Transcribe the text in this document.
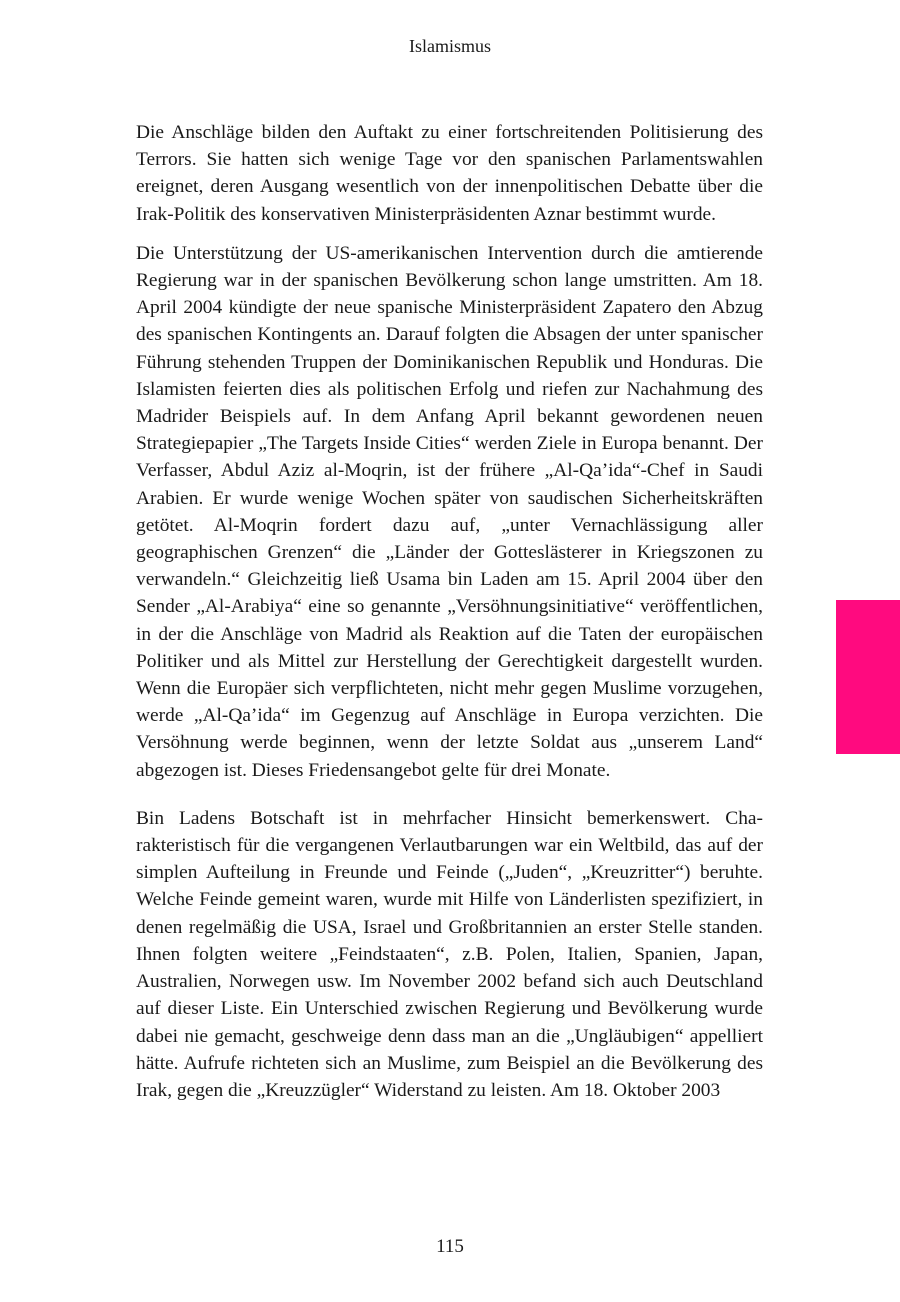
Islamismus

Die Anschläge bilden den Auftakt zu einer fortschreitenden Politisierung des Terrors. Sie hatten sich wenige Tage vor den spanischen Parlamentswahlen ereignet, deren Ausgang wesentlich von der innenpolitischen Debatte über die Irak-Politik des konservativen Ministerpräsidenten Aznar bestimmt wurde.

Die Unterstützung der US-amerikanischen Intervention durch die amtierende Regierung war in der spanischen Bevölkerung schon lange umstritten. Am 18. April 2004 kündigte der neue spanische Ministerpräsident Zapatero den Abzug des spanischen Kontingents an. Darauf folgten die Absagen der unter spanischer Führung stehenden Truppen der Dominikanischen Republik und Honduras. Die Islamisten feierten dies als politischen Erfolg und riefen zur Nachahmung des Madrider Beispiels auf. In dem Anfang April bekannt gewordenen neuen Strategiepapier „The Targets Inside Cities“ werden Ziele in Europa benannt. Der Verfasser, Abdul Aziz al-Moqrin, ist der frühere „Al-Qa’ida“-Chef in Saudi Arabien. Er wurde wenige Wochen später von saudischen Sicherheitskräften getötet. Al-Moqrin fordert dazu auf, „unter Vernachlässigung aller geographischen Grenzen“ die „Länder der Gotteslästerer in Kriegszonen zu verwandeln.“ Gleichzeitig ließ Usama bin Laden am 15. April 2004 über den Sender „Al-Arabiya“ eine so genannte „Versöhnungsinitiative“ veröffentlichen, in der die Anschläge von Madrid als Reaktion auf die Taten der europäischen Politiker und als Mittel zur Herstellung der Gerechtigkeit dargestellt wurden. Wenn die Europäer sich verpflichteten, nicht mehr gegen Muslime vorzugehen, werde „Al-Qa’ida“ im Gegenzug auf Anschläge in Europa verzichten. Die Versöhnung werde beginnen, wenn der letzte Soldat aus „unserem Land“ abgezogen ist. Dieses Friedensangebot gelte für drei Monate.

Bin Ladens Botschaft ist in mehrfacher Hinsicht bemerkenswert. Charakteristisch für die vergangenen Verlautbarungen war ein Weltbild, das auf der simplen Aufteilung in Freunde und Feinde („Juden“, „Kreuzritter“) beruhte. Welche Feinde gemeint waren, wurde mit Hilfe von Länderlisten spezifiziert, in denen regelmäßig die USA, Israel und Großbritannien an erster Stelle standen. Ihnen folgten weitere „Feindstaaten“, z.B. Polen, Italien, Spanien, Japan, Australien, Norwegen usw. Im November 2002 befand sich auch Deutschland auf dieser Liste. Ein Unterschied zwischen Regierung und Bevölkerung wurde dabei nie gemacht, geschweige denn dass man an die „Ungläubigen“ appelliert hätte. Aufrufe richteten sich an Muslime, zum Beispiel an die Bevölkerung des Irak, gegen die „Kreuzzügler“ Widerstand zu leisten. Am 18. Oktober 2003

115
